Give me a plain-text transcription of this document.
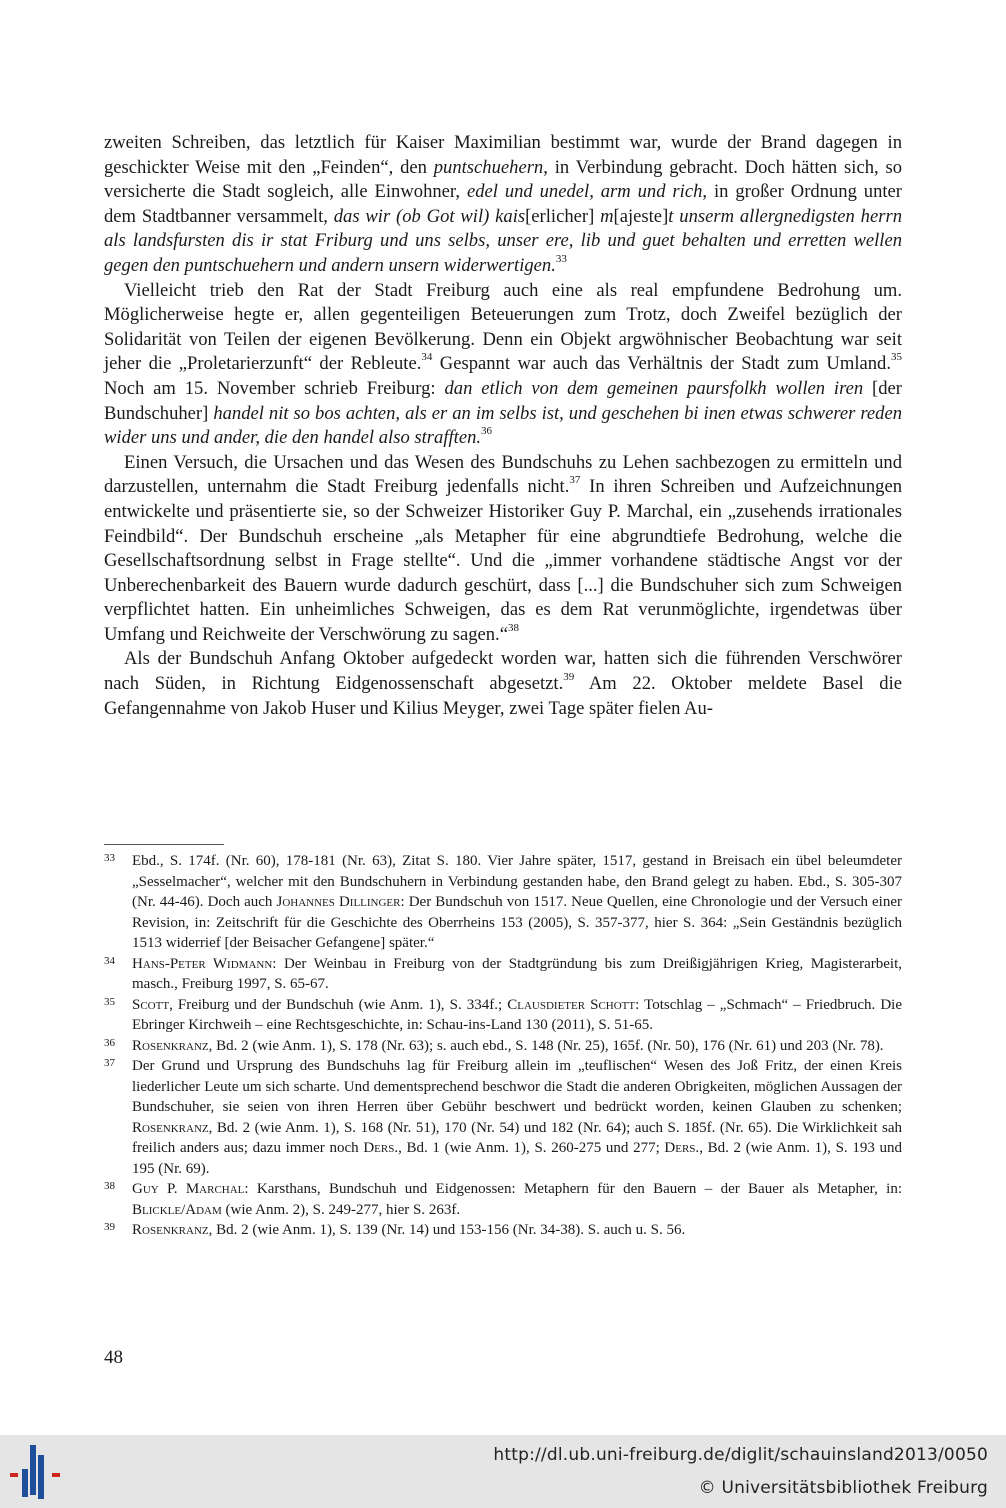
zweiten Schreiben, das letztlich für Kaiser Maximilian bestimmt war, wurde der Brand dagegen in geschickter Weise mit den „Feinden“, den puntschuehern, in Verbindung gebracht. Doch hätten sich, so versicherte die Stadt sogleich, alle Einwohner, edel und unedel, arm und rich, in großer Ordnung unter dem Stadtbanner versammelt, das wir (ob Got wil) kais[erlicher] m[ajeste]t unserm allergnedigsten herrn als landsfursten dis ir stat Friburg und uns selbs, unser ere, lib und guet behalten und erretten wellen gegen den puntschuehern und andern unsern widerwertigen.$^{33}$

Vielleicht trieb den Rat der Stadt Freiburg auch eine als real empfundene Bedrohung um. Möglicherweise hegte er, allen gegenteiligen Beteuerungen zum Trotz, doch Zweifel bezüglich der Solidarität von Teilen der eigenen Bevölkerung. Denn ein Objekt argwöhnischer Beobachtung war seit jeher die „Proletarierzunft“ der Rebleute.$^{34}$ Gespannt war auch das Verhältnis der Stadt zum Umland.$^{35}$ Noch am 15. November schrieb Freiburg: dan etlich von dem gemeinen paursfolkh wollen iren [der Bundschuher] handel nit so bos achten, als er an im selbs ist, und geschehen bi inen etwas schwerer reden wider uns und ander, die den handel also strafften.$^{36}$

Einen Versuch, die Ursachen und das Wesen des Bundschuhs zu Lehen sachbezogen zu ermitteln und darzustellen, unternahm die Stadt Freiburg jedenfalls nicht.$^{37}$ In ihren Schreiben und Aufzeichnungen entwickelte und präsentierte sie, so der Schweizer Historiker Guy P. Marchal, ein „zusehends irrationales Feindbild“. Der Bundschuh erscheine „als Metapher für eine abgrundtiefe Bedrohung, welche die Gesellschaftsordnung selbst in Frage stellte“. Und die „immer vorhandene städtische Angst vor der Unberechenbarkeit des Bauern wurde dadurch geschürt, dass [...] die Bundschuher sich zum Schweigen verpflichtet hatten. Ein unheimliches Schweigen, das es dem Rat verunmöglichte, irgendetwas über Umfang und Reichweite der Verschwörung zu sagen.“$^{38}$

Als der Bundschuh Anfang Oktober aufgedeckt worden war, hatten sich die führenden Verschwörer nach Süden, in Richtung Eidgenossenschaft abgesetzt.$^{39}$ Am 22. Oktober meldete Basel die Gefangennahme von Jakob Huser und Kilius Meyger, zwei Tage später fielen Au-

33 Ebd., S. 174f. (Nr. 60), 178-181 (Nr. 63), Zitat S. 180. Vier Jahre später, 1517, gestand in Breisach ein übel beleumdeter „Sesselmacher“, welcher mit den Bundschuhern in Verbindung gestanden habe, den Brand gelegt zu haben. Ebd., S. 305-307 (Nr. 44-46). Doch auch Johannes Dillinger: Der Bundschuh von 1517. Neue Quellen, eine Chronologie und der Versuch einer Revision, in: Zeitschrift für die Geschichte des Oberrheins 153 (2005), S. 357-377, hier S. 364: „Sein Geständnis bezüglich 1513 widerrief [der Beisacher Gefangene] später.“
34 Hans-Peter Widmann: Der Weinbau in Freiburg von der Stadtgründung bis zum Dreißigjährigen Krieg, Magisterarbeit, masch., Freiburg 1997, S. 65-67.
35 Scott, Freiburg und der Bundschuh (wie Anm. 1), S. 334f.; Clausdieter Schott: Totschlag – „Schmach“ – Friedbruch. Die Ebringer Kirchweih – eine Rechtsgeschichte, in: Schau-ins-Land 130 (2011), S. 51-65.
36 Rosenkranz, Bd. 2 (wie Anm. 1), S. 178 (Nr. 63); s. auch ebd., S. 148 (Nr. 25), 165f. (Nr. 50), 176 (Nr. 61) und 203 (Nr. 78).
37 Der Grund und Ursprung des Bundschuhs lag für Freiburg allein im „teuflischen“ Wesen des Joß Fritz, der einen Kreis liederlicher Leute um sich scharte. Und dementsprechend beschwor die Stadt die anderen Obrigkeiten, möglichen Aussagen der Bundschuher, sie seien von ihren Herren über Gebühr beschwert und bedrückt worden, keinen Glauben zu schenken; Rosenkranz, Bd. 2 (wie Anm. 1), S. 168 (Nr. 51), 170 (Nr. 54) und 182 (Nr. 64); auch S. 185f. (Nr. 65). Die Wirklichkeit sah freilich anders aus; dazu immer noch Ders., Bd. 1 (wie Anm. 1), S. 260-275 und 277; Ders., Bd. 2 (wie Anm. 1), S. 193 und 195 (Nr. 69).
38 Guy P. Marchal: Karsthans, Bundschuh und Eidgenossen: Metaphern für den Bauern – der Bauer als Metapher, in: Blickle/Adam (wie Anm. 2), S. 249-277, hier S. 263f.
39 Rosenkranz, Bd. 2 (wie Anm. 1), S. 139 (Nr. 14) und 153-156 (Nr. 34-38). S. auch u. S. 56.
48
http://dl.ub.uni-freiburg.de/diglit/schauinsland2013/0050
© Universitätsbibliothek Freiburg
